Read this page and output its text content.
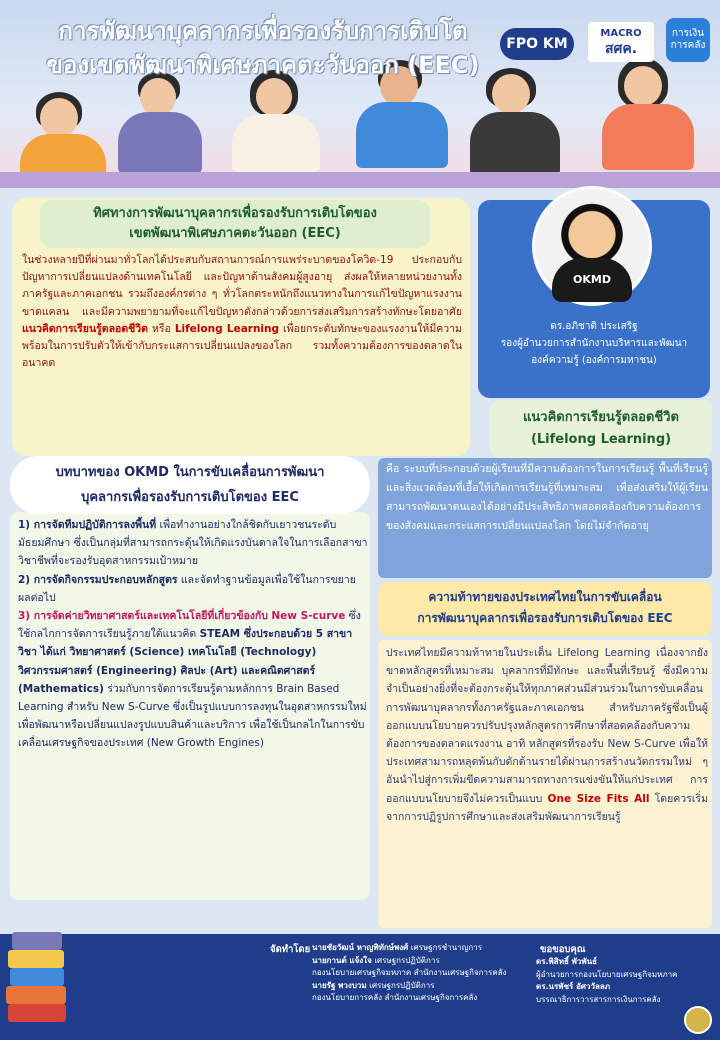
การพัฒนาบุคลากรเพื่อรองรับการเติบโต
ของเขตพัฒนาพิเศษภาคตะวันออก (EEC)
FPO KM
MACRO
สศค.
การเงิน การคลัง
ทิศทางการพัฒนาบุคลากรเพื่อรองรับการเติบโตของ
เขตพัฒนาพิเศษภาคตะวันออก (EEC)
ในช่วงหลายปีที่ผ่านมาทั่วโลกได้ประสบกับสถานการณ์การแพร่ระบาดของโควิด-19 ประกอบกับปัญหาการเปลี่ยนแปลงด้านเทคโนโลยี และปัญหาด้านสังคมผู้สูงอายุ ส่งผลให้หลายหน่วยงานทั้งภาครัฐและภาคเอกชน รวมถึงองค์กรต่าง ๆ ทั่วโลกตระหนักถึงแนวทางในการแก้ไขปัญหาแรงงานขาดแคลน และมีความพยายามที่จะแก้ไขปัญหาดังกล่าวด้วยการส่งเสริมการสร้างทักษะโดยอาศัยแนวคิดการเรียนรู้ตลอดชีวิต หรือ Lifelong Learning เพื่อยกระดับทักษะของแรงงานให้มีความพร้อมในการปรับตัวให้เข้ากับกระแสการเปลี่ยนแปลงของโลก รวมทั้งความต้องการของตลาดในอนาคต
OKMD
ดร.อภิชาติ ประเสริฐ
รองผู้อำนวยการสำนักงานบริหารและพัฒนา
องค์ความรู้ (องค์การมหาชน)
แนวคิดการเรียนรู้ตลอดชีวิต
(Lifelong Learning)
บทบาทของ OKMD ในการขับเคลื่อนการพัฒนา
บุคลากรเพื่อรองรับการเติบโตของ EEC
1) การจัดทีมปฏิบัติการลงพื้นที่ เพื่อทำงานอย่างใกล้ชิดกับเยาวชนระดับมัธยมศึกษา ซึ่งเป็นกลุ่มที่สามารถกระตุ้นให้เกิดแรงบันดาลใจในการเลือกสาขาวิชาชีพที่จะรองรับอุตสาหกรรมเป้าหมาย
2) การจัดกิจกรรมประกอบหลักสูตร และจัดทำฐานข้อมูลเพื่อใช้ในการขยายผลต่อไป
3) การจัดค่ายวิทยาศาสตร์และเทคโนโลยีที่เกี่ยวข้องกับ New S-curve ซึ่งใช้กลไกการจัดการเรียนรู้ภายใต้แนวคิด STEAM ซึ่งประกอบด้วย 5 สาขาวิชา ได้แก่ วิทยาศาสตร์ (Science) เทคโนโลยี (Technology) วิศวกรรมศาสตร์ (Engineering) ศิลปะ (Art) และคณิตศาสตร์ (Mathematics) ร่วมกับการจัดการเรียนรู้ตามหลักการ Brain Based Learning สำหรับ New S-Curve ซึ่งเป็นรูปแบบการลงทุนในอุตสาหกรรมใหม่เพื่อพัฒนาหรือเปลี่ยนแปลงรูปแบบสินค้าและบริการ เพื่อใช้เป็นกลไกในการขับเคลื่อนเศรษฐกิจของประเทศ (New Growth Engines)
คือ ระบบที่ประกอบด้วยผู้เรียนที่มีความต้องการในการเรียนรู้ พื้นที่เรียนรู้ และสิ่งแวดล้อมที่เอื้อให้เกิดการเรียนรู้ที่เหมาะสม เพื่อส่งเสริมให้ผู้เรียนสามารถพัฒนาตนเองได้อย่างมีประสิทธิภาพสอดคล้องกับความต้องการของสังคมและกระแสการเปลี่ยนแปลงโลก โดยไม่จำกัดอายุ
ความท้าทายของประเทศไทยในการขับเคลื่อน
การพัฒนาบุคลากรเพื่อรองรับการเติบโตของ EEC
ประเทศไทยมีความท้าทายในประเด็น Lifelong Learning เนื่องจากยังขาดหลักสูตรที่เหมาะสม บุคลากรที่มีทักษะ และพื้นที่เรียนรู้ ซึ่งมีความจำเป็นอย่างยิ่งที่จะต้องกระตุ้นให้ทุกภาคส่วนมีส่วนร่วมในการขับเคลื่อนการพัฒนาบุคลากรทั้งภาครัฐและภาคเอกชน สำหรับภาครัฐซึ่งเป็นผู้ออกแบบนโยบายควรปรับปรุงหลักสูตรการศึกษาที่สอดคล้องกับความต้องการของตลาดแรงงาน อาทิ หลักสูตรที่รองรับ New S-Curve เพื่อให้ประเทศสามารถหลุดพ้นกับดักด้านรายได้ผ่านการสร้างนวัตกรรมใหม่ ๆ อันนำไปสู่การเพิ่มขีดความสามารถทางการแข่งขันให้แก่ประเทศ การออกแบบนโยบายจึงไม่ควรเป็นแบบ One Size Fits All โดยควรเริ่มจากการปฏิรูปการศึกษาและส่งเสริมพัฒนาการเรียนรู้
จัดทำโดย นายชัยวัฒน์ หาญพิทักษ์พงศ์ เศรษฐกรชำนาญการ
นายกานต์ แจ้งใจ เศรษฐกรปฏิบัติการ
กองนโยบายเศรษฐกิจมหภาค สำนักงานเศรษฐกิจการคลัง
นายรัฐ พวงบวม เศรษฐกรปฏิบัติการ
กองนโยบายการคลัง สำนักงานเศรษฐกิจการคลัง
ขอขอบคุณ
ดร.พิสิทธิ์ พัวพันธ์
ผู้อำนวยการกองนโยบายเศรษฐกิจมหภาค
ดร.นรพัชร์ อัศววัลลภ
บรรณาธิการวารสารการเงินการคลัง
